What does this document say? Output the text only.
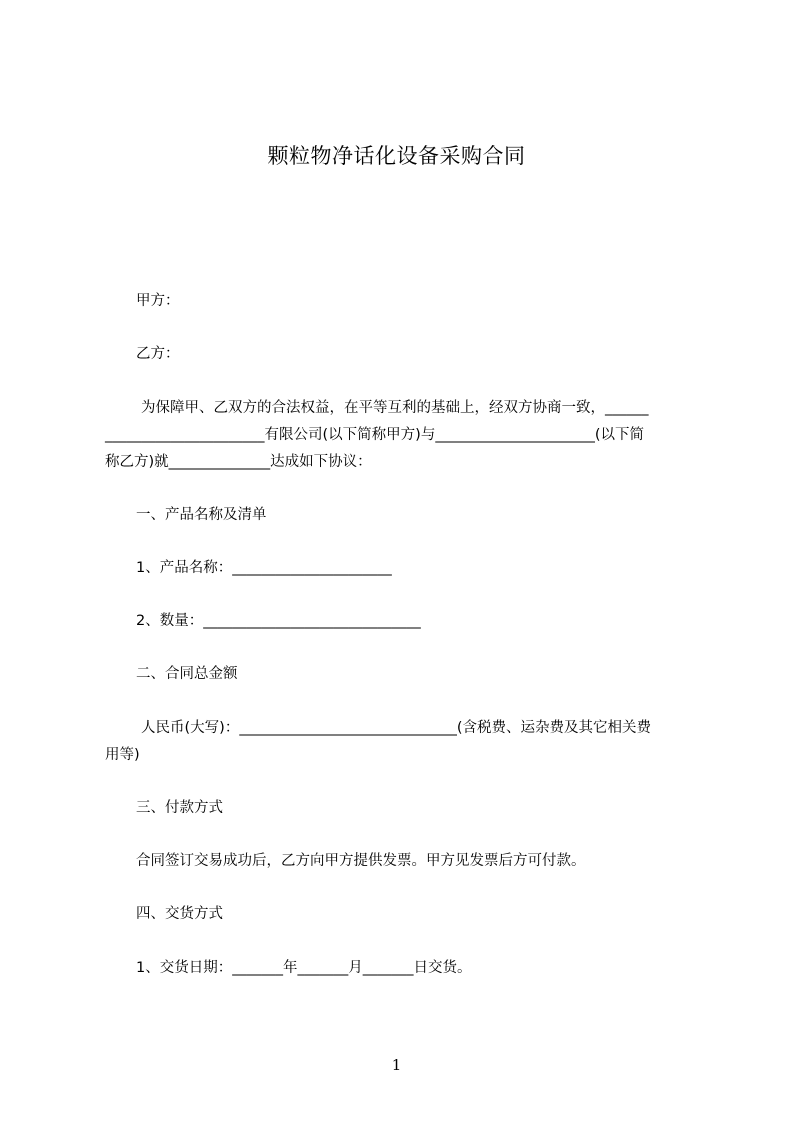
颗粒物净话化设备采购合同

甲方：

乙方：

为保障甲、乙双方的合法权益，在平等互利的基础上，经双方协商一致，______

______________________有限公司(以下简称甲方)与______________________(以下简

称乙方)就______________达成如下协议：

一、产品名称及清单

1、产品名称：______________________

2、数量：______________________________

二、合同总金额

人民币(大写)：______________________________(含税费、运杂费及其它相关费

用等)

三、付款方式

合同签订交易成功后，乙方向甲方提供发票。甲方见发票后方可付款。

四、交货方式

1、交货日期：_______年_______月_______日交货。

1
